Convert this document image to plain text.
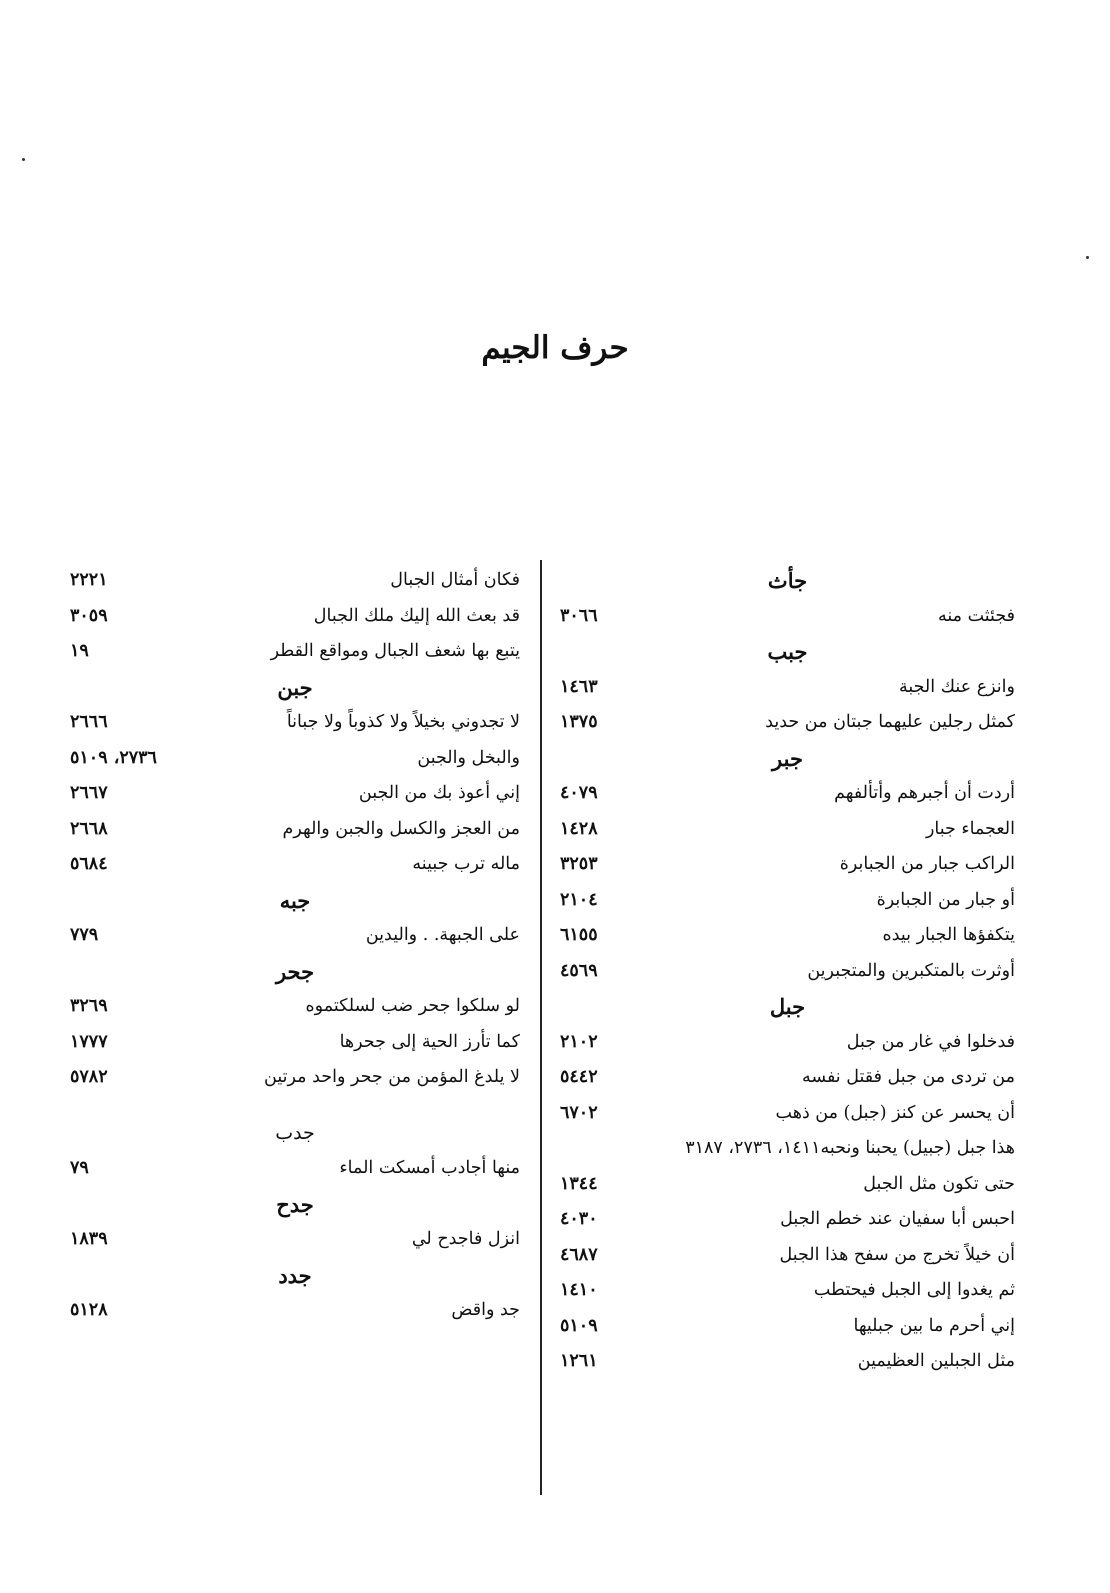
حرف الجيم
جأث
فجئثت منه
٣٠٦٦
جبب
وانزع عنك الجبة
١٤٦٣
كمثل رجلين عليهما جبتان من حديد
١٣٧٥
جبر
أردت أن أجبرهم وأتألفهم
٤٠٧٩
العجماء جبار
١٤٢٨
الراكب جبار من الجبابرة
٣٢٥٣
أو جبار من الجبابرة
٢١٠٤
يتكفؤها الجبار بيده
٦١٥٥
أوثرت بالمتكبرين والمتجبرين
٤٥٦٩
جبل
فدخلوا في غار من جبل
٢١٠٢
من تردى من جبل فقتل نفسه
٥٤٤٢
أن يحسر عن كنز (جبل) من ذهب
٦٧٠٢
هذا جبل (جبيل) يحبنا ونحبه١٤١١، ٢٧٣٦، ٣١٨٧
حتى تكون مثل الجبل
١٣٤٤
احبس أبا سفيان عند خطم الجبل
٤٠٣٠
أن خيلاً تخرج من سفح هذا الجبل
٤٦٨٧
ثم يغدوا إلى الجبل فيحتطب
١٤١٠
إني أحرم ما بين جبليها
٥١٠٩
مثل الجبلين العظيمين
١٢٦١
فكان أمثال الجبال
٢٢٢١
قد بعث الله إليك ملك الجبال
٣٠٥٩
يتبع بها شعف الجبال ومواقع القطر
١٩
جبن
لا تجدوني بخيلاً ولا كذوباً ولا جباناً
٢٦٦٦
والبخل والجبن
٢٧٣٦، ٥١٠٩
إني أعوذ بك من الجبن
٢٦٦٧
من العجز والكسل والجبن والهرم
٢٦٦٨
ماله ترب جبينه
٥٦٨٤
جبه
على الجبهة. . واليدين
٧٧٩
جحر
لو سلكوا جحر ضب لسلكتموه
٣٢٦٩
كما تأرز الحية إلى جحرها
١٧٧٧
لا يلدغ المؤمن من جحر واحد مرتين
٥٧٨٢
جدب
منها أجادب أمسكت الماء
٧٩
جدح
انزل فاجدح لي
١٨٣٩
جدد
جد واقض
٥١٢٨
